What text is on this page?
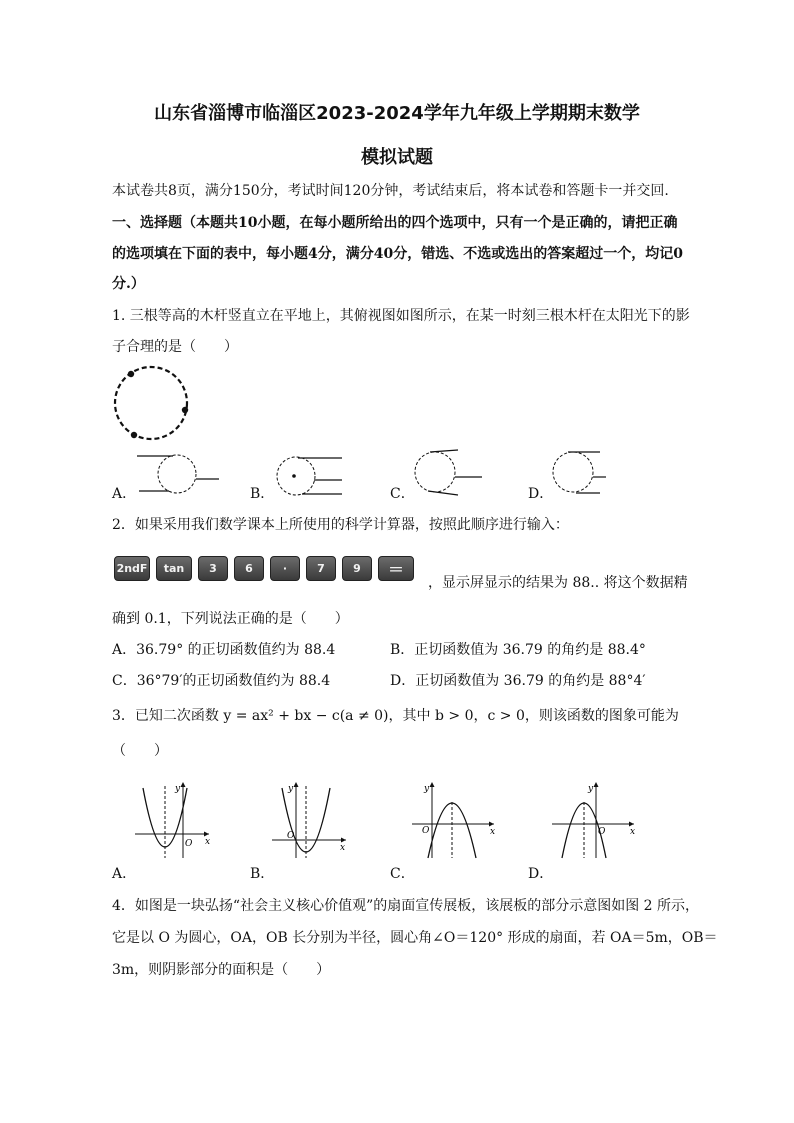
山东省淄博市临淄区2023-2024学年九年级上学期期末数学
模拟试题
本试卷共8页，满分150分，考试时间120分钟，考试结束后，将本试卷和答题卡一并交回.
一、选择题（本题共10小题，在每小题所给出的四个选项中，只有一个是正确的，请把正确
的选项填在下面的表中，每小题4分，满分40分，错选、不选或选出的答案超过一个，均记0
分.）
1. 三根等高的木杆竖直立在平地上，其俯视图如图所示，在某一时刻三根木杆在太阳光下的影
子合理的是（　　）
A．	B．	C．	D．
2．如果采用我们数学课本上所使用的科学计算器，按照此顺序进行输入：
2ndF	tan	3	6	·	7	9	＝
，显示屏显示的结果为 88.. 将这个数据精
确到 0.1，下列说法正确的是（　　）
A．36.79° 的正切函数值约为 88.4	B．正切函数值为 36.79 的角约是 88.4°
C．36°79′的正切函数值约为 88.4	D．正切函数值为 36.79 的角约是 88°4′
3．已知二次函数 y = ax² + bx − c(a ≠ 0)，其中 b > 0，c > 0，则该函数的图象可能为
（　　）
y
x
O
y
x
O
y
x
O
y
x
O
A．	B．	C．	D．
4．如图是一块弘扬“社会主义核心价值观”的扇面宣传展板，该展板的部分示意图如图 2 所示，
它是以 O 为圆心，OA，OB 长分别为半径，圆心角∠O＝120° 形成的扇面，若 OA＝5m，OB＝
3m，则阴影部分的面积是（　　）
